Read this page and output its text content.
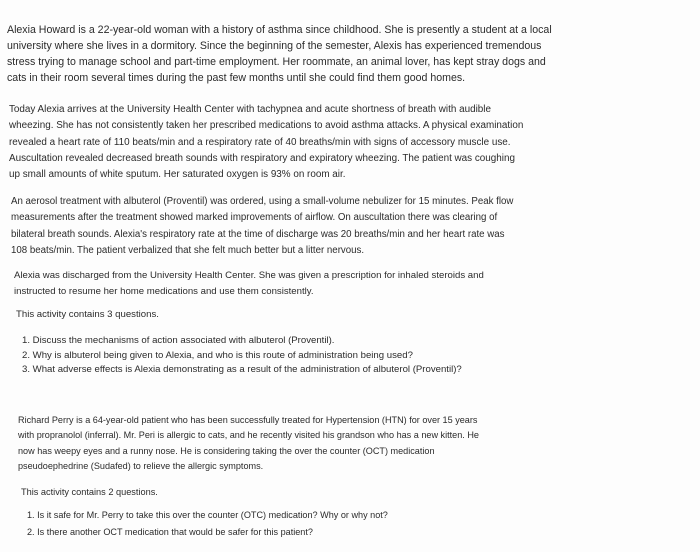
Alexia Howard is a 22-year-old woman with a history of asthma since childhood. She is presently a student at a local
university where she lives in a dormitory. Since the beginning of the semester, Alexis has experienced tremendous
stress trying to manage school and part-time employment. Her roommate, an animal lover, has kept stray dogs and
cats in their room several times during the past few months until she could find them good homes.

Today Alexia arrives at the University Health Center with tachypnea and acute shortness of breath with audible
wheezing. She has not consistently taken her prescribed medications to avoid asthma attacks. A physical examination
revealed a heart rate of 110 beats/min and a respiratory rate of 40 breaths/min with signs of accessory muscle use.
Auscultation revealed decreased breath sounds with respiratory and expiratory wheezing. The patient was coughing
up small amounts of white sputum. Her saturated oxygen is 93% on room air.

An aerosol treatment with albuterol (Proventil) was ordered, using a small-volume nebulizer for 15 minutes. Peak flow
measurements after the treatment showed marked improvements of airflow. On auscultation there was clearing of
bilateral breath sounds. Alexia's respiratory rate at the time of discharge was 20 breaths/min and her heart rate was
108 beats/min. The patient verbalized that she felt much better but a litter nervous.

Alexia was discharged from the University Health Center. She was given a prescription for inhaled steroids and
instructed to resume her home medications and use them consistently.

This activity contains 3 questions.

1. Discuss the mechanisms of action associated with albuterol (Proventil).
2. Why is albuterol being given to Alexia, and who is this route of administration being used?
3. What adverse effects is Alexia demonstrating as a result of the administration of albuterol (Proventil)?

Richard Perry is a 64-year-old patient who has been successfully treated for Hypertension (HTN) for over 15 years
with propranolol (inferral). Mr. Peri is allergic to cats, and he recently visited his grandson who has a new kitten. He
now has weepy eyes and a runny nose. He is considering taking the over the counter (OCT) medication
pseudoephedrine (Sudafed) to relieve the allergic symptoms.

This activity contains 2 questions.

1. Is it safe for Mr. Perry to take this over the counter (OTC) medication? Why or why not?
2. Is there another OCT medication that would be safer for this patient?
